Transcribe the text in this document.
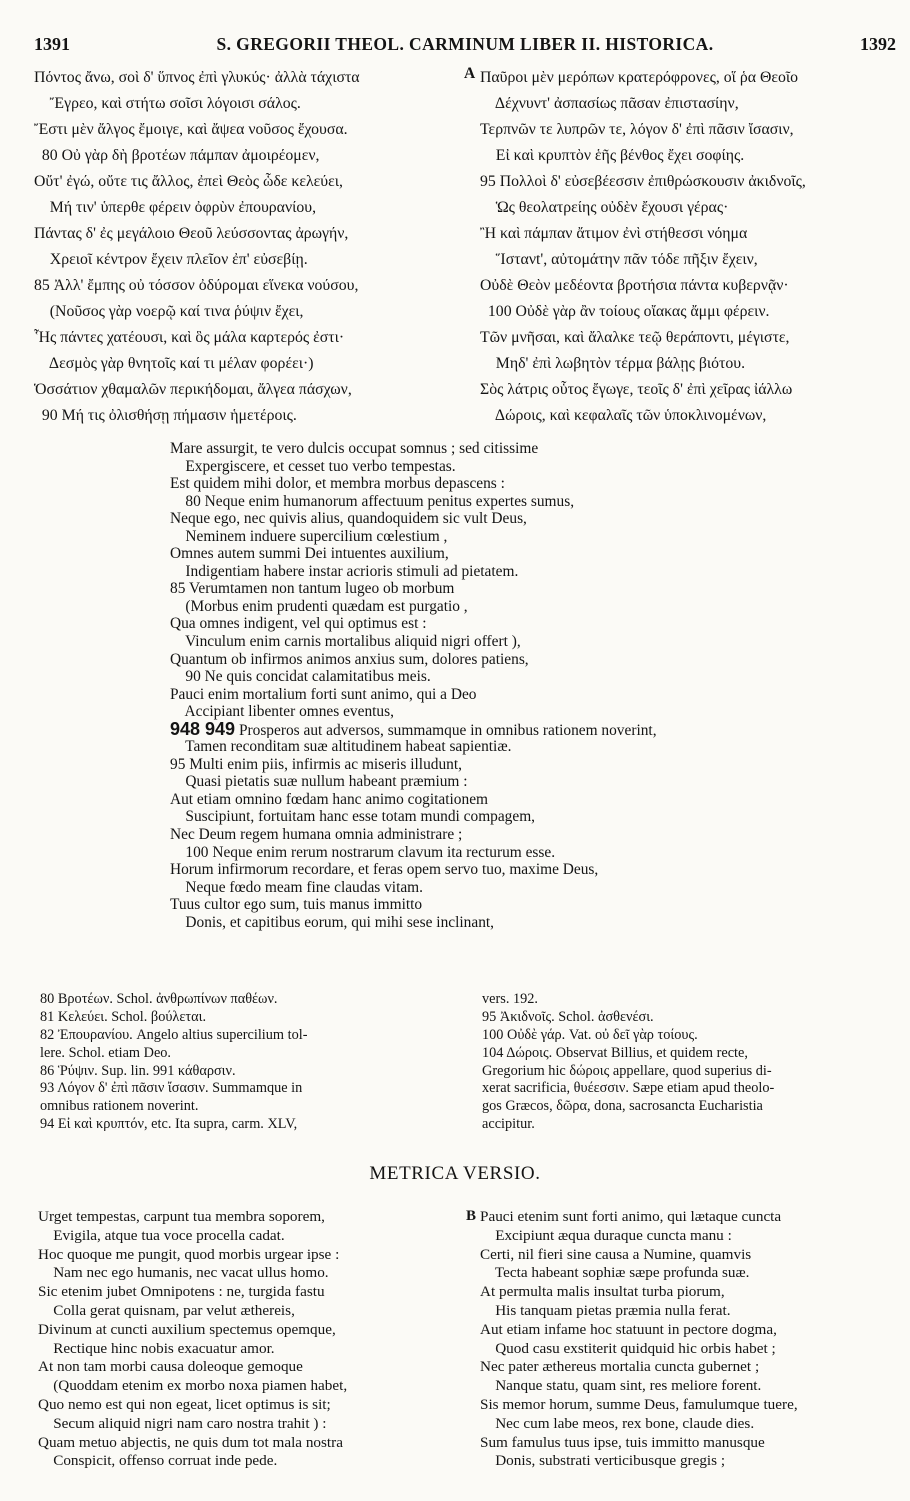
1391	S. GREGORII THEOL. CARMINUM LIBER II. HISTORICA.	1392
Πόντος ἄνω, σοὶ δ' ὕπνος ἐπὶ γλυκύς· ἀλλὰ τάχιστα
Ἔγρεο, καὶ στήτω σοῖσι λόγοισι σάλος.
Ἔστι μὲν ἄλγος ἔμοιγε, καὶ ἄψεα νοῦσος ἔχουσα.
80 Οὐ γὰρ δὴ βροτέων πάμπαν ἀμοιρέομεν,
Οὔτ' ἐγώ, οὔτε τις ἄλλος, ἐπεὶ Θεὸς ὧδε κελεύει,
Μή τιν' ὑπερθε φέρειν ὀφρὺν ἐπουρανίου,
Πάντας δ' ἐς μεγάλοιο Θεοῦ λεύσσοντας ἀρωγήν,
Χρειοῖ κέντρον ἔχειν πλεῖον ἐπ' εὐσεβίῃ.
85 Ἀλλ' ἔμπης οὐ τόσσον ὀδύρομαι εἵνεκα νούσου,
(Νοῦσος γὰρ νοερῷ καί τινα ῥύψιν ἔχει,
Ἧς πάντες χατέουσι, καὶ ὃς μάλα καρτερός ἐστι·
Δεσμὸς γὰρ θνητοῖς καί τι μέλαν φορέει·)
Ὁσσάτιον χθαμαλῶν περικήδομαι, ἄλγεα πάσχων,
90 Μή τις ὀλισθήσῃ πήμασιν ἡμετέροις.
A Παῦροι μὲν μερόπων κρατερόφρονες, οἵ ῥα Θεοῖο
Δέχνυντ' ἀσπασίως πᾶσαν ἐπιστασίην,
Τερπνῶν τε λυπρῶν τε, λόγον δ' ἐπὶ πᾶσιν ἴσασιν,
Εἰ καὶ κρυπτὸν ἑῆς βένθος ἔχει σοφίης.
95 Πολλοὶ δ' εὐσεβέεσσιν ἐπιθρώσκουσιν ἀκιδνοῖς,
Ὡς θεολατρείης οὐδὲν ἔχουσι γέρας·
Ἢ καὶ πάμπαν ἄτιμον ἐνὶ στήθεσσι νόημα
Ἵστανt', αὐτομάτην πᾶν τόδε πῆξιν ἔχειν,
Οὐδὲ Θεὸν μεδέοντα βροτήσια πάντα κυβερνᾷν·
100 Οὐδὲ γὰρ ἂν τοίους οἴακας ἄμμι φέρειν.
Τῶν μνῆσαι, καὶ ἄλαλκε τεῷ θεράποντι, μέγιστε,
Μηδ' ἐπὶ λωβητὸν τέρμα βάλῃς βιότου.
Σὸς λάτρις οὗτος ἔγωγε, τεοῖς δ' ἐπὶ χεῖρας ἰάλλω
Δώροις, καὶ κεφαλαῖς τῶν ὑποκλινομένων,
Mare assurgit, te vero dulcis occupat somnus ; sed citissime
Expergiscere, et cesset tuo verbo tempestas.
Est quidem mihi dolor, et membra morbus depascens :
80 Neque enim humanorum affectuum penitus expertes sumus,
Neque ego, nec quivis alius, quandoquidem sic vult Deus,
Neminem induere supercilium cœlestium ,
Omnes autem summi Dei intuentes auxilium,
Indigentiam habere instar acrioris stimuli ad pietatem.
85 Verumtamen non tantum lugeo ob morbum
(Morbus enim prudenti quædam est purgatio ,
Qua omnes indigent, vel qui optimus est :
Vinculum enim carnis mortalibus aliquid nigri offert ),
Quantum ob infirmos animos anxius sum, dolores patiens,
90 Ne quis concidat calamitatibus meis.
Pauci enim mortalium forti sunt animo, qui a Deo
Accipiant libenter omnes eventus,
948 949 Prosperos aut adversos, summamque in omnibus rationem noverint,
Tamen reconditam suæ altitudinem habeat sapientiæ.
95 Multi enim piis, infirmis ac miseris illudunt,
Quasi pietatis suæ nullum habeant præmium :
Aut etiam omnino fœdam hanc animo cogitationem
Suscipiunt, fortuitam hanc esse totam mundi compagem,
Nec Deum regem humana omnia administrare ;
100 Neque enim rerum nostrarum clavum ita recturum esse.
Horum infirmorum recordare, et feras opem servo tuo, maxime Deus,
Neque fœdo meam fine claudas vitam.
Tuus cultor ego sum, tuis manus immitto
Donis, et capitibus eorum, qui mihi sese inclinant,
80 Βροτέων. Schol. ἀνθρωπίνων παθέων.
81 Κελεύει. Schol. βούλεται.
82 Ἐπουρανίου. Angelo altius supercilium tol-
lere. Schol. etiam Deo.
86 Ῥύψιν. Sup. lin. 991 κάθαρσιν.
93 Λόγον δ' ἐπὶ πᾶσιν ἴσασιν. Summamque in
omnibus rationem noverint.
94 Εἰ καὶ κρυπτόν, etc. Ita supra, carm. XLV,
vers. 192.
95 Ἀκιδνοῖς. Schol. ἀσθενέσι.
100 Οὐδὲ γάρ. Vat. οὐ δεῖ γὰρ τοίους.
104 Δώροις. Observat Billius, et quidem recte,
Gregorium hic δώροις appellare, quod superius di-
xerat sacrificia, θυέεσσιν. Sæpe etiam apud theolo-
gos Græcos, δῶρα, dona, sacrosancta Eucharistia
accipitur.
METRICA VERSIO.
Urget tempestas, carpunt tua membra soporem,
Evigila, atque tua voce procella cadat.
Hoc quoque me pungit, quod morbis urgear ipse :
Nam nec ego humanis, nec vacat ullus homo.
Sic etenim jubet Omnipotens : ne, turgida fastu
Colla gerat quisnam, par velut æthereis,
Divinum at cuncti auxilium spectemus opemque,
Rectique hinc nobis exacuatur amor.
At non tam morbi causa doleoque gemoque
(Quoddam etenim ex morbo noxa piamen habet,
Quo nemo est qui non egeat, licet optimus is sit;
Secum aliquid nigri nam caro nostra trahit ) :
Quam metuo abjectis, ne quis dum tot mala nostra
Conspicit, offenso corruat inde pede.
B Pauci etenim sunt forti animo, qui lætaque cuncta
Excipiunt æqua duraque cuncta manu :
Certi, nil fieri sine causa a Numine, quamvis
Tecta habeant sophiæ sæpe profunda suæ.
At permulta malis insultat turba piorum,
His tanquam pietas præmia nulla ferat.
Aut etiam infame hoc statuunt in pectore dogma,
Quod casu exstiterit quidquid hic orbis habet ;
Nec pater æthereus mortalia cuncta gubernet ;
Nanque statu, quam sint, res meliore forent.
Sis memor horum, summe Deus, famulumque tuere,
Nec cum labe meos, rex bone, claude dies.
Sum famulus tuus ipse, tuis immitto manusque
Donis, substrati verticibusque gregis ;
